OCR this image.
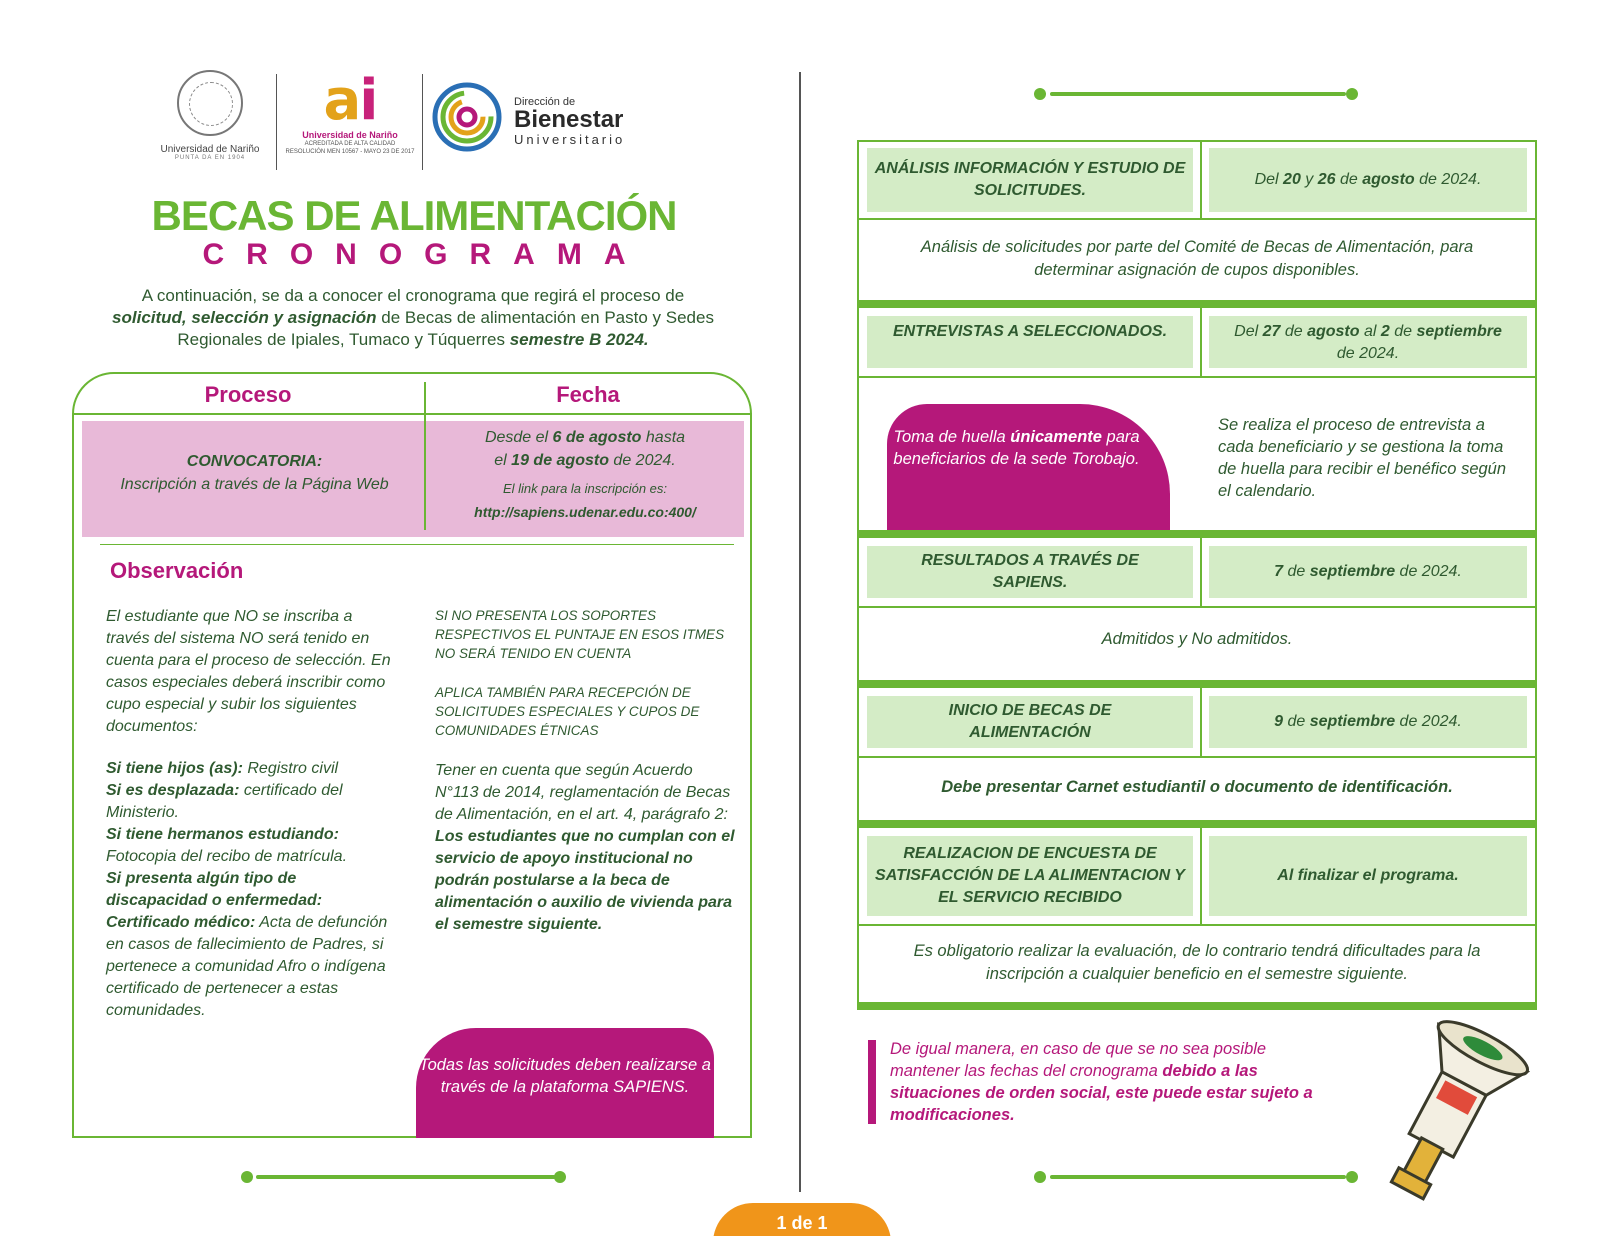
Universidad de Nariño
PUNTA DA EN 1904
ai
Universidad de Nariño
ACREDITADA DE ALTA CALIDAD
RESOLUCIÓN MEN 10567 - MAYO 23 DE 2017
Dirección de
Bienestar
Universitario
BECAS DE ALIMENTACIÓN
CRONOGRAMA
A continuación, se da a conocer el cronograma que regirá el proceso de
solicitud, selección y asignación de Becas de alimentación en Pasto y Sedes
Regionales de Ipiales, Tumaco y Túquerres semestre B 2024.
Proceso	Fecha
CONVOCATORIA:
Inscripción a través de la Página Web
Desde el 6 de agosto hasta
el 19 de agosto de 2024.
El link para la inscripción es:
http://sapiens.udenar.edu.co:400/
Observación
El estudiante que NO se inscriba a través del sistema NO será tenido en cuenta para el proceso de selección. En casos especiales deberá inscribir como cupo especial y subir los siguientes documentos:
Si tiene hijos (as): Registro civil
Si es desplazada: certificado del Ministerio.
Si tiene hermanos estudiando: Fotocopia del recibo de matrícula.
Si presenta algún tipo de discapacidad o enfermedad:
Certificado médico: Acta de defunción en casos de fallecimiento de Padres, si pertenece a comunidad Afro o indígena certificado de pertenecer a estas comunidades.
SI NO PRESENTA LOS SOPORTES RESPECTIVOS EL PUNTAJE EN ESOS ITMES NO SERÁ TENIDO EN CUENTA
APLICA TAMBIÉN PARA RECEPCIÓN DE SOLICITUDES ESPECIALES Y CUPOS DE COMUNIDADES ÉTNICAS
Tener en cuenta que según Acuerdo N°113 de 2014, reglamentación de Becas de Alimentación, en el art. 4, parágrafo 2: Los estudiantes que no cumplan con el servicio de apoyo institucional no podrán postularse a la beca de alimentación o auxilio de vivienda para el semestre siguiente.
Todas las solicitudes deben realizarse a través de la plataforma SAPIENS.
ANÁLISIS INFORMACIÓN Y ESTUDIO DE SOLICITUDES.
Del 20 y 26 de agosto de 2024.
Análisis de solicitudes por parte del Comité de Becas de Alimentación, para determinar asignación de cupos disponibles.
ENTREVISTAS A SELECCIONADOS.	Del 27 de agosto al 2 de septiembre de 2024.
RESULTADOS A TRAVÉS DE SAPIENS.
7 de septiembre de 2024.
Admitidos y No admitidos.
INICIO DE BECAS DE ALIMENTACIÓN
9 de septiembre de 2024.
Debe presentar Carnet estudiantil o documento de identificación.
REALIZACION DE ENCUESTA DE SATISFACCIÓN DE LA ALIMENTACION Y EL SERVICIO RECIBIDO
Al finalizar el programa.
Es obligatorio realizar la evaluación, de lo contrario tendrá dificultades para la inscripción a cualquier beneficio en el semestre siguiente.
Toma de huella únicamente para beneficiarios de la sede Torobajo.
Se realiza el proceso de entrevista a cada beneficiario y se gestiona la toma de huella para recibir el benéfico según el calendario.
De igual manera, en caso de que se no sea posible mantener las fechas del cronograma debido a las situaciones de orden social, este puede estar sujeto a modificaciones.
1 de 1
